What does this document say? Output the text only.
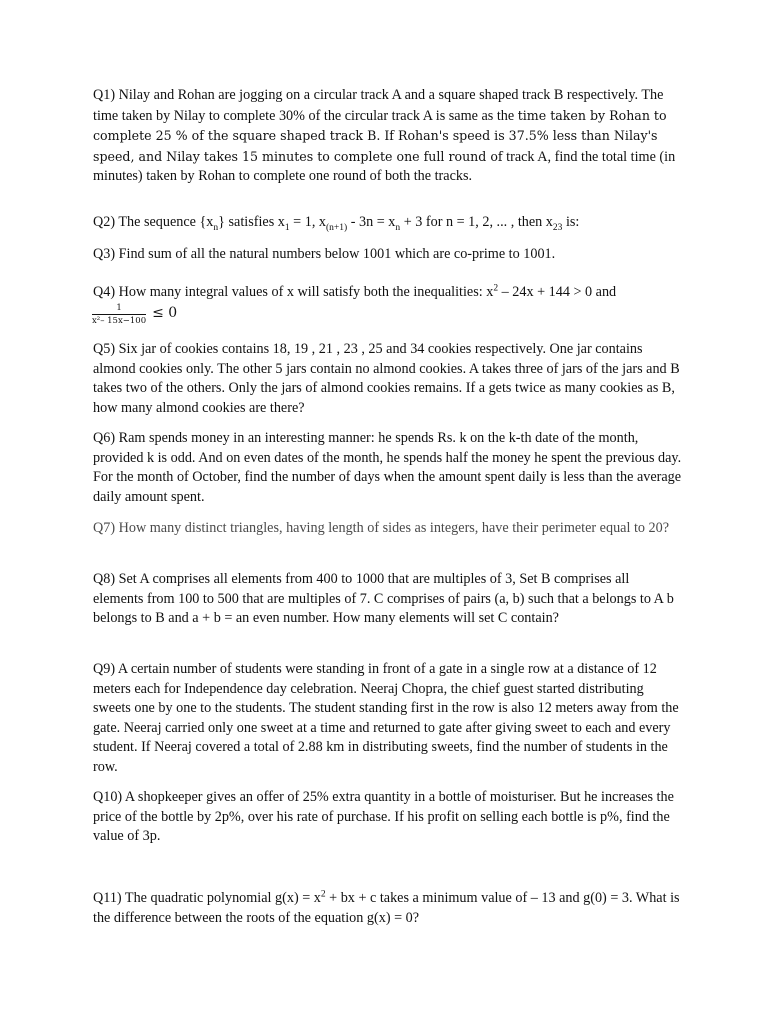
Q1) Nilay and Rohan are jogging on a circular track A and a square shaped track B respectively. The time taken by Nilay to complete 30% of the circular track A is same as the time taken by Rohan to complete 25 % of the square shaped track B. If Rohan's speed is 37.5% less than Nilay's speed, and Nilay takes 15 minutes to complete one full round of track A, find the total time (in minutes) taken by Rohan to complete one round of both the tracks.

Q2) The sequence $\{x_n\}$ satisfies $x_1 = 1$, $x_{(n+1)} - 3n = x_n + 3$ for n = 1, 2, ... , then $x_{23}$ is:

Q3) Find sum of all the natural numbers below 1001 which are co-prime to 1001.

Q4) How many integral values of x will satisfy both the inequalities: $x^2 - 24x + 144 > 0$ and

$\frac{1}{\text{x²– 15x−100}} \le 0$

Q5) Six jar of cookies contains 18, 19 , 21 , 23 , 25 and 34 cookies respectively. One jar contains almond cookies only. The other 5 jars contain no almond cookies. A takes three of jars of the jars and B takes two of the others. Only the jars of almond cookies remains. If a gets twice as many cookies as B, how many almond cookies are there?

Q6) Ram spends money in an interesting manner: he spends Rs. k on the k-th date of the month, provided k is odd. And on even dates of the month, he spends half the money he spent the previous day. For the month of October, find the number of days when the amount spent daily is less than the average daily amount spent.

Q7) How many distinct triangles, having length of sides as integers, have their perimeter equal to 20?

Q8) Set A comprises all elements from 400 to 1000 that are multiples of 3, Set B comprises all elements from 100 to 500 that are multiples of 7. C comprises of pairs (a, b) such that a belongs to A b belongs to B and a + b = an even number. How many elements will set C contain?

Q9) A certain number of students were standing in front of a gate in a single row at a distance of 12 meters each for Independence day celebration. Neeraj Chopra, the chief guest started distributing sweets one by one to the students. The student standing first in the row is also 12 meters away from the gate. Neeraj carried only one sweet at a time and returned to gate after giving sweet to each and every student. If Neeraj covered a total of 2.88 km in distributing sweets, find the number of students in the row.

Q10) A shopkeeper gives an offer of 25% extra quantity in a bottle of moisturiser. But he increases the price of the bottle by 2p%, over his rate of purchase. If his profit on selling each bottle is p%, find the value of 3p.

Q11) The quadratic polynomial $g(x) = x^2$ + bx + c takes a minimum value of – 13 and g(0) = 3. What is the difference between the roots of the equation g(x) = 0?
